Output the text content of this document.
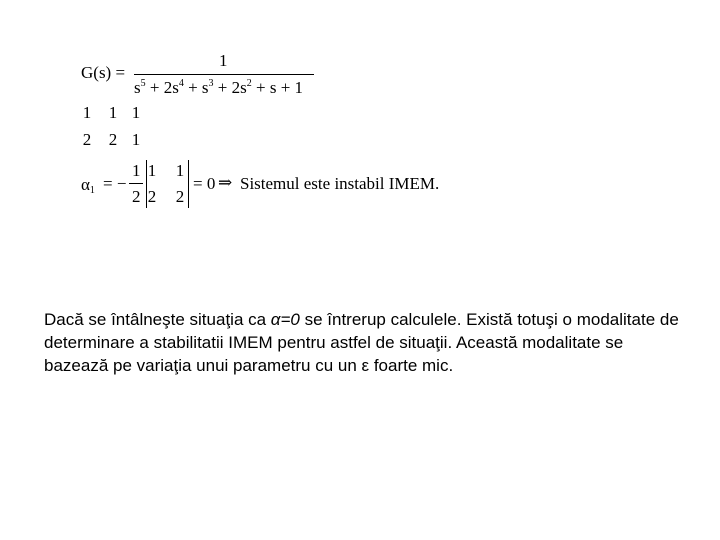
G(s) =
1
$s^5 + 2s^4 + s^3 + 2s^2 + s + 1$
1	1 1
2	2 1
$\alpha_1$ = −
1
2
1	1
2	2
= 0 ⇒ Sistemul este instabil IMEM.

Dacă se întâlneşte situaţia ca α=0 se întrerup calculele. Există totuşi o modalitate de determinare a stabilitatii IMEM pentru astfel de situaţii. Această modalitate se bazează pe variaţia unui parametru cu un ε foarte mic.
